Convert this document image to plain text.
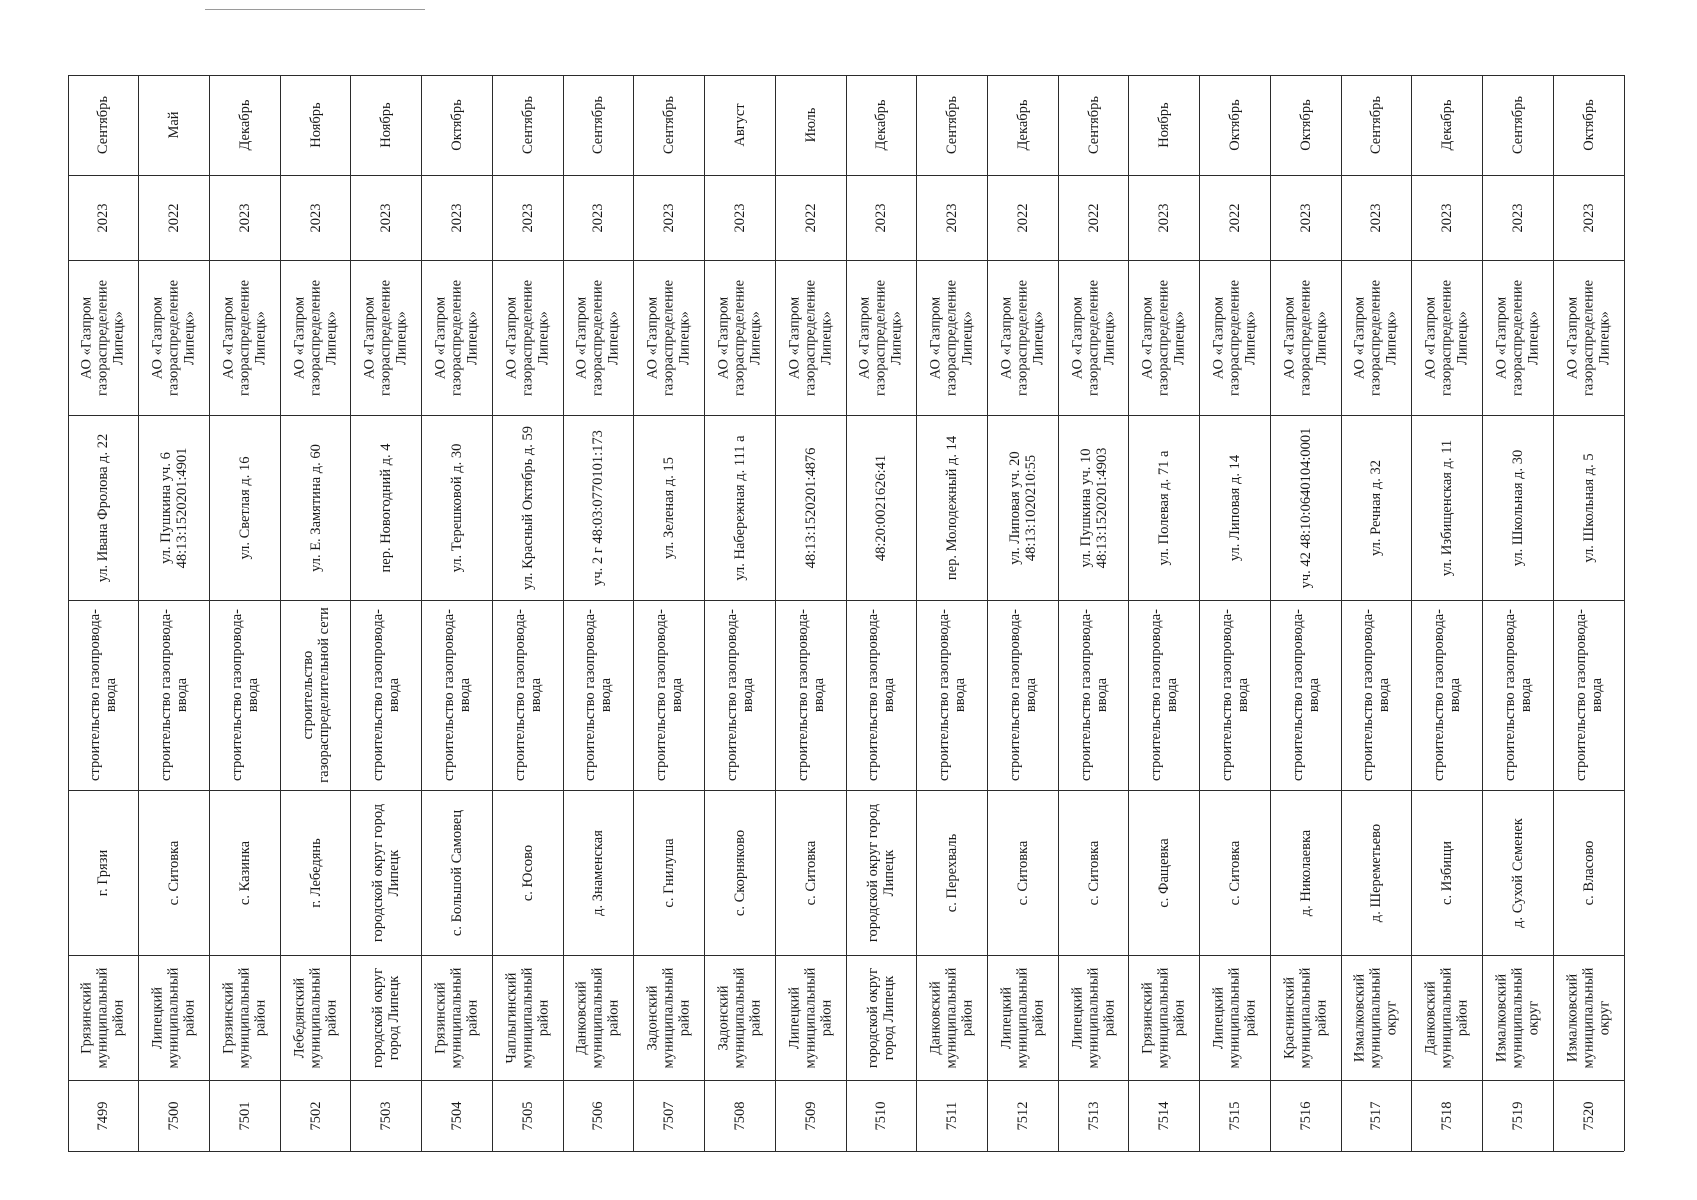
7499
Грязинский муниципальный район
г. Грязи
строительство газопровода-ввода
ул. Ивана Фролова д. 22
АО «Газпром газораспределение Липецк»
2023
Сентябрь
7500
Липецкий муниципальный район
с. Ситовка
строительство газопровода-ввода
ул. Пушкина уч. 6 48:13:1520201:4901
АО «Газпром газораспределение Липецк»
2022
Май
7501
Грязинский муниципальный район
с. Казинка
строительство газопровода-ввода
ул. Светлая д. 16
АО «Газпром газораспределение Липецк»
2023
Декабрь
7502
Лебедянский муниципальный район
г. Лебедянь
строительство газораспределительной сети
ул. Е. Замятина д. 60
АО «Газпром газораспределение Липецк»
2023
Ноябрь
7503
городской округ город Липецк
городской округ город Липецк
строительство газопровода-ввода
пер. Новогодний д. 4
АО «Газпром газораспределение Липецк»
2023
Ноябрь
7504
Грязинский муниципальный район
с. Большой Самовец
строительство газопровода-ввода
ул. Терешковой д. 30
АО «Газпром газораспределение Липецк»
2023
Октябрь
7505
Чаплыгинский муниципальный район
с. Юсово
строительство газопровода-ввода
ул. Красный Октябрь д. 59
АО «Газпром газораспределение Липецк»
2023
Сентябрь
7506
Данковский муниципальный район
д. Знаменская
строительство газопровода-ввода
уч. 2 г 48:03:0770101:173
АО «Газпром газораспределение Липецк»
2023
Сентябрь
7507
Задонский муниципальный район
с. Гнилуша
строительство газопровода-ввода
ул. Зеленая д. 15
АО «Газпром газораспределение Липецк»
2023
Сентябрь
7508
Задонский муниципальный район
с. Скорняково
строительство газопровода-ввода
ул. Набережная д. 111 а
АО «Газпром газораспределение Липецк»
2023
Август
7509
Липецкий муниципальный район
с. Ситовка
строительство газопровода-ввода
48:13:1520201:4876
АО «Газпром газораспределение Липецк»
2022
Июль
7510
городской округ город Липецк
городской округ город Липецк
строительство газопровода-ввода
48:20:0021626:41
АО «Газпром газораспределение Липецк»
2023
Декабрь
7511
Данковский муниципальный район
с. Перехваль
строительство газопровода-ввода
пер. Молодежный д. 14
АО «Газпром газораспределение Липецк»
2023
Сентябрь
7512
Липецкий муниципальный район
с. Ситовка
строительство газопровода-ввода
ул. Липовая уч. 20 48:13:1020210:55
АО «Газпром газораспределение Липецк»
2022
Декабрь
7513
Липецкий муниципальный район
с. Ситовка
строительство газопровода-ввода
ул. Пушкина уч. 10 48:13:1520201:4903
АО «Газпром газораспределение Липецк»
2022
Сентябрь
7514
Грязинский муниципальный район
с. Фащевка
строительство газопровода-ввода
ул. Полевая д. 71 а
АО «Газпром газораспределение Липецк»
2023
Ноябрь
7515
Липецкий муниципальный район
с. Ситовка
строительство газопровода-ввода
ул. Липовая д. 14
АО «Газпром газораспределение Липецк»
2022
Октябрь
7516
Краснинский муниципальный район
д. Николаевка
строительство газопровода-ввода
уч. 42 48:10:0640104:0001
АО «Газпром газораспределение Липецк»
2023
Октябрь
7517
Измалковский муниципальный округ
д. Шереметьево
строительство газопровода-ввода
ул. Речная д. 32
АО «Газпром газораспределение Липецк»
2023
Сентябрь
7518
Данковский муниципальный район
с. Избищи
строительство газопровода-ввода
ул. Избищенская д. 11
АО «Газпром газораспределение Липецк»
2023
Декабрь
7519
Измалковский муниципальный округ
д. Сухой Семенек
строительство газопровода-ввода
ул. Школьная д. 30
АО «Газпром газораспределение Липецк»
2023
Сентябрь
7520
Измалковский муниципальный округ
с. Власово
строительство газопровода-ввода
ул. Школьная д. 5
АО «Газпром газораспределение Липецк»
2023
Октябрь
